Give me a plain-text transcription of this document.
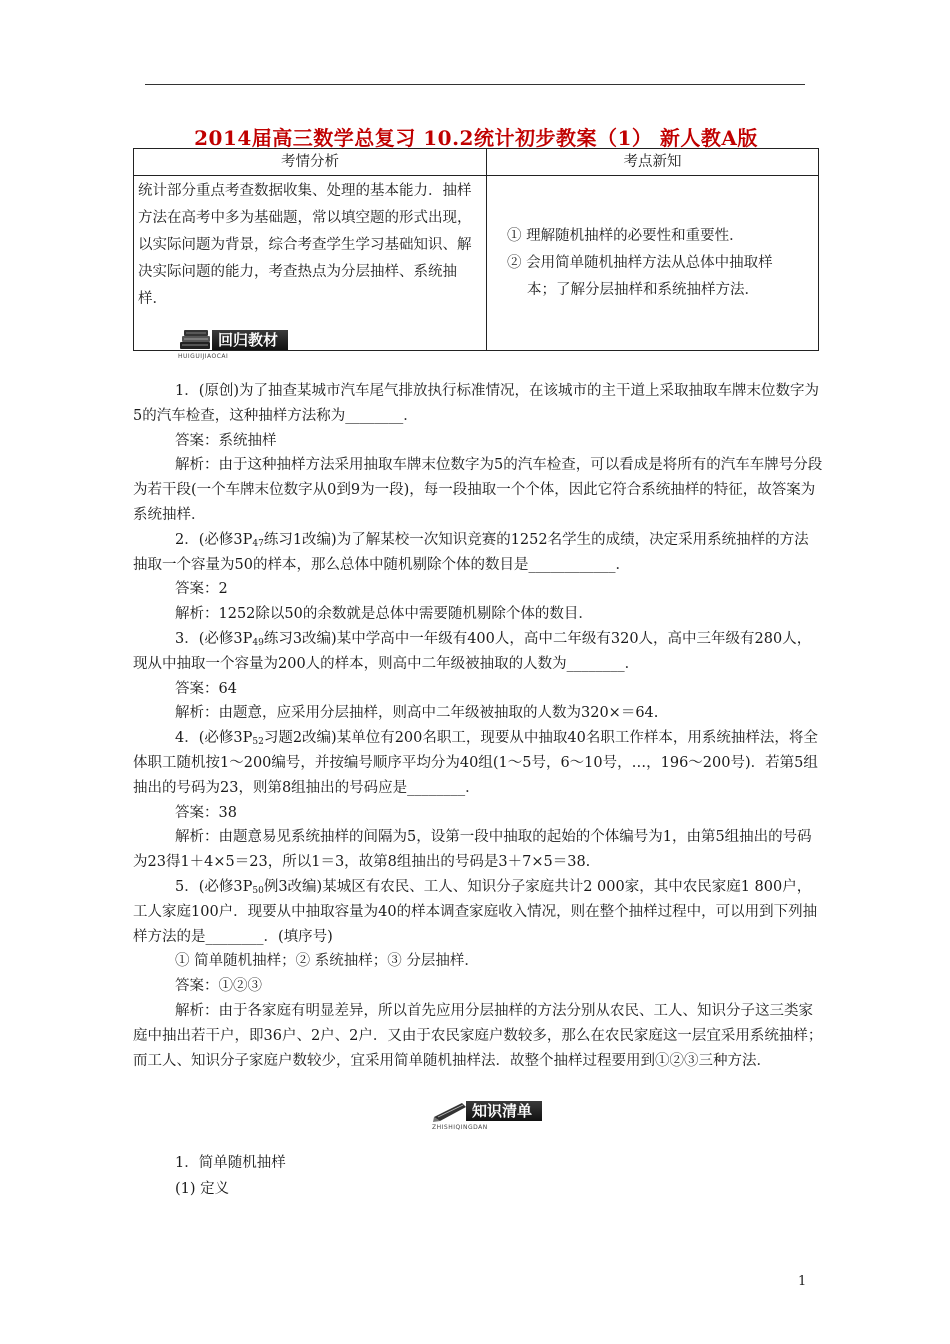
2014届高三数学总复习 10.2统计初步教案（1） 新人教A版
考情分析	考点新知
统计部分重点考查数据收集、处理的基本能力．抽样方法在高考中多为基础题，常以填空题的形式出现，以实际问题为背景，综合考查学生学习基础知识、解决实际问题的能力，考查热点为分层抽样、系统抽样．	① 理解随机抽样的必要性和重要性．
② 会用简单随机抽样方法从总体中抽取样
本；了解分层抽样和系统抽样方法．
回归教材
HUIGUIJIAOCAI

1．(原创)为了抽查某城市汽车尾气排放执行标准情况，在该城市的主干道上采取抽取车牌末位数字为5的汽车检查，这种抽样方法称为________．

答案：系统抽样

解析：由于这种抽样方法采用抽取车牌末位数字为5的汽车检查，可以看成是将所有的汽车车牌号分段为若干段(一个车牌末位数字从0到9为一段)，每一段抽取一个个体，因此它符合系统抽样的特征，故答案为系统抽样．

2．(必修$3P_{47}$练习1改编)为了解某校一次知识竞赛的1252名学生的成绩，决定采用系统抽样的方法抽取一个容量为50的样本，那么总体中随机剔除个体的数目是____________．

答案：2

解析：1252除以50的余数就是总体中需要随机剔除个体的数目．

3．(必修$3P_{49}$练习3改编)某中学高中一年级有400人，高中二年级有320人，高中三年级有280人，现从中抽取一个容量为200人的样本，则高中二年级被抽取的人数为________．

答案：64

解析：由题意，应采用分层抽样，则高中二年级被抽取的人数为320×＝64.

4．(必修$3P_{52}$习题2改编)某单位有200名职工，现要从中抽取40名职工作样本，用系统抽样法，将全体职工随机按1～200编号，并按编号顺序平均分为40组(1～5号，6～10号，…，196～200号)．若第5组抽出的号码为23，则第8组抽出的号码应是________．

答案：38

解析：由题意易见系统抽样的间隔为5，设第一段中抽取的起始的个体编号为1，由第5组抽出的号码为23得1＋4×5＝23，所以1＝3，故第8组抽出的号码是3＋7×5＝38.

5．(必修$3P_{50}$例3改编)某城区有农民、工人、知识分子家庭共计2 000家，其中农民家庭1 800户，工人家庭100户．现要从中抽取容量为40的样本调查家庭收入情况，则在整个抽样过程中，可以用到下列抽样方法的是________．(填序号)

① 简单随机抽样；② 系统抽样；③ 分层抽样．

答案：①②③

解析：由于各家庭有明显差异，所以首先应用分层抽样的方法分别从农民、工人、知识分子这三类家庭中抽出若干户，即36户、2户、2户．又由于农民家庭户数较多，那么在农民家庭这一层宜采用系统抽样；而工人、知识分子家庭户数较少，宜采用简单随机抽样法．故整个抽样过程要用到①②③三种方法．

知识清单
ZHISHIQINGDAN

1．简单随机抽样

(1) 定义

1
